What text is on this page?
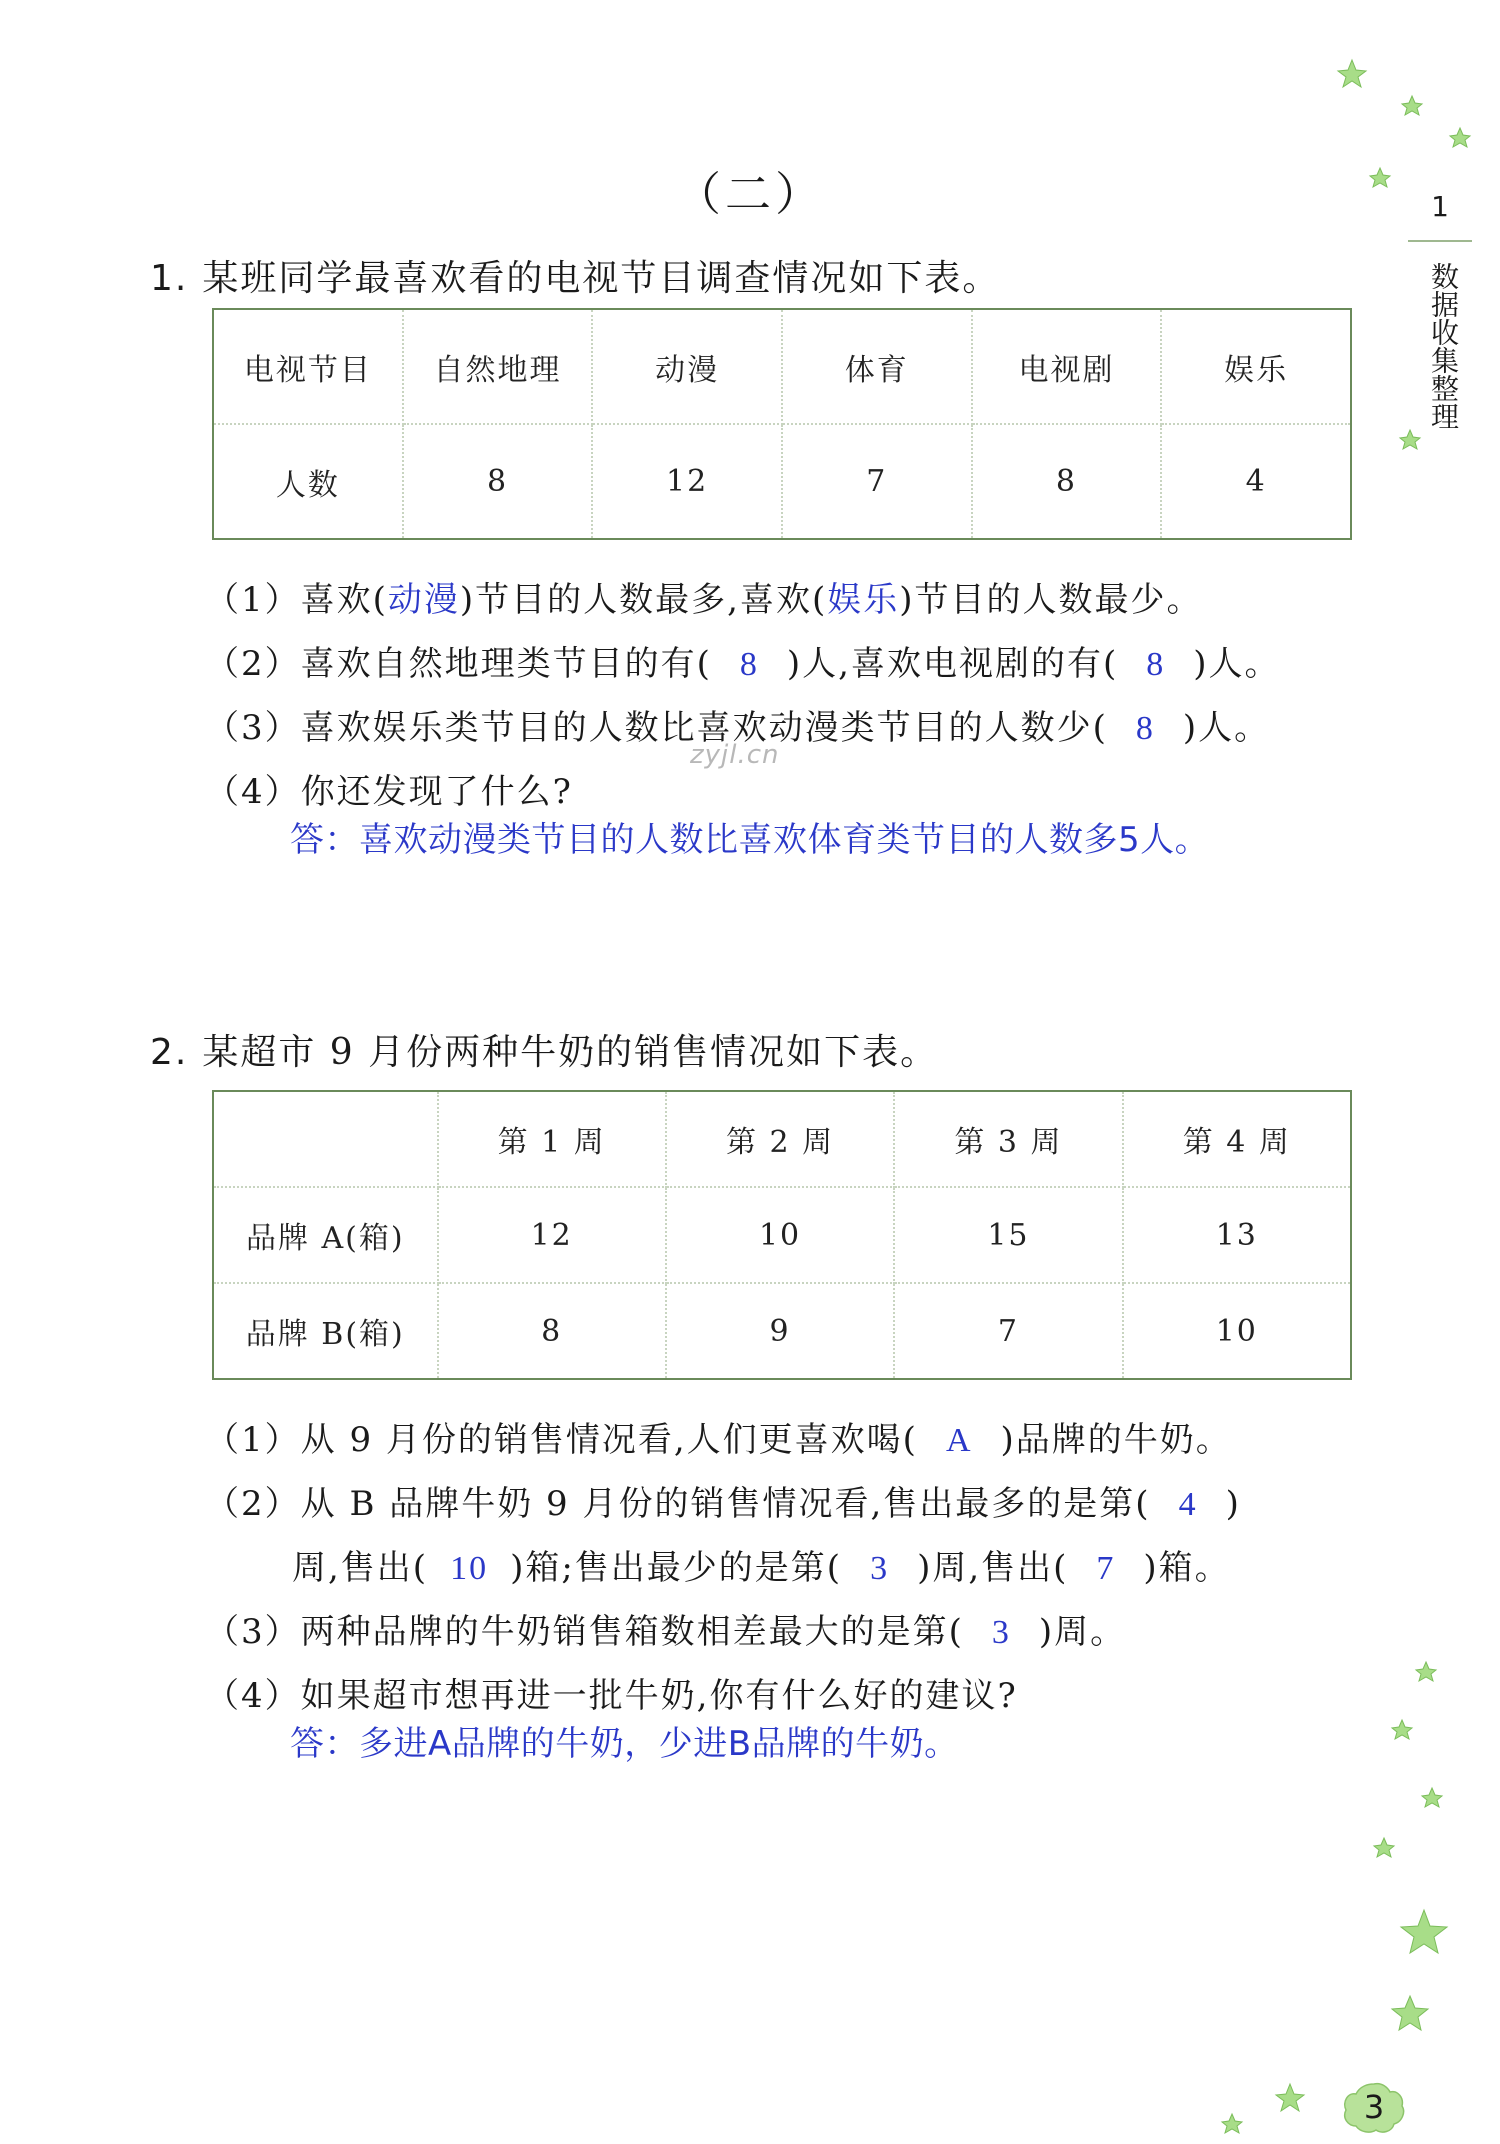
（二）	1
数据收集整理
1. 某班同学最喜欢看的电视节目调查情况如下表。
电视节目	自然地理	动漫	体育	电视剧	娱乐
人数	8	12	7	8	4
（1）喜欢(动漫)节目的人数最多,喜欢(娱乐)节目的人数最少。
（2）喜欢自然地理类节目的有( 8 )人,喜欢电视剧的有( 8 )人。
（3）喜欢娱乐类节目的人数比喜欢动漫类节目的人数少( 8 )人。
zyjl.cn
（4）你还发现了什么?
答：喜欢动漫类节目的人数比喜欢体育类节目的人数多5人。
2. 某超市 9 月份两种牛奶的销售情况如下表。
	第 1 周	第 2 周	第 3 周	第 4 周
品牌 A(箱)	12	10	15	13
品牌 B(箱)	8	9	7	10
（1）从 9 月份的销售情况看,人们更喜欢喝( A )品牌的牛奶。
（2）从 B 品牌牛奶 9 月份的销售情况看,售出最多的是第( 4 )
周,售出( 10 )箱;售出最少的是第( 3 )周,售出( 7 )箱。
（3）两种品牌的牛奶销售箱数相差最大的是第( 3 )周。
（4）如果超市想再进一批牛奶,你有什么好的建议?
答：多进A品牌的牛奶，少进B品牌的牛奶。
3
